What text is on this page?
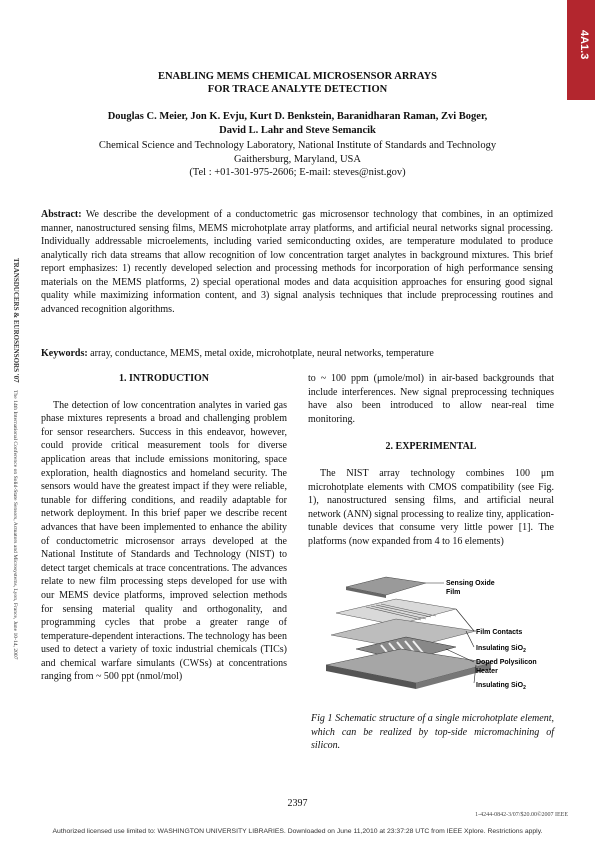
4A1.3
ENABLING MEMS CHEMICAL MICROSENSOR ARRAYS
FOR TRACE ANALYTE DETECTION
Douglas C. Meier, Jon K. Evju, Kurt D. Benkstein, Baranidharan Raman, Zvi Boger,
David L. Lahr and Steve Semancik
Chemical Science and Technology Laboratory, National Institute of Standards and Technology
Gaithersburg, Maryland, USA
(Tel : +01-301-975-2606; E-mail: steves@nist.gov)
Abstract: We describe the development of a conductometric gas microsensor technology that combines, in an optimized manner, nanostructured sensing films, MEMS microhotplate array platforms, and artificial neural networks signal processing. Individually addressable microelements, including varied semiconducting oxides, are temperature modulated to produce analytically rich data streams that allow recognition of low concentration target analytes in background mixtures. This brief report emphasizes: 1) recently developed selection and processing methods for incorporation of high performance sensing materials on the MEMS platforms, 2) special operational modes and data acquisition approaches for ensuring good signal quality while maximizing information content, and 3) signal analysis techniques that include preprocessing routines and advanced recognition algorithms.
Keywords: array, conductance, MEMS, metal oxide, microhotplate, neural networks, temperature
TRANSDUCERS & EUROSENSORS '07 The 14th International Conference on Solid-State Sensors, Actuators and Microsystems, Lyon, France, June 10-14, 2007
1. INTRODUCTION

The detection of low concentration analytes in varied gas phase mixtures represents a broad and challenging problem for sensor researchers. Success in this endeavor, however, could provide critical measurement tools for diverse application areas that include emissions monitoring, space exploration, health diagnostics and homeland security. The sensors would have the greatest impact if they were reliable, tunable for differing conditions, and readily adaptable for network deployment. In this brief paper we describe recent advances that have been implemented to enhance the ability of conductometric microsensor arrays developed at the National Institute of Standards and Technology (NIST) to detect target chemicals at trace concentrations. The advances relate to new film processing steps developed for use with our MEMS device platforms, improved selection methods for sensing material quality and orthogonality, and programming cycles that probe a greater range of temperature-dependent interactions. The technology has been used to detect a variety of toxic industrial chemicals (TICs) and chemical warfare simulants (CWSs) at concentrations ranging from ~ 500 ppt (nmol/mol)

to ~ 100 ppm (μmole/mol) in air-based backgrounds that include interferences. New signal preprocessing techniques have also been introduced to allow near-real time monitoring.

2. EXPERIMENTAL

The NIST array technology combines 100 μm microhotplate elements with CMOS compatibility (see Fig. 1), nanostructured sensing films, and artificial neural network (ANN) signal processing to realize tiny, application-tunable devices that consume very little power [1]. The platforms (now expanded from 4 to 16 elements)

Sensing Oxide
Film
Film Contacts
Insulating SiO$_2$
Doped Polysilicon
Heater
Insulating SiO$_2$
Fig 1 Schematic structure of a single microhotplate element, which can be realized by top-side micromachining of silicon.
2397
1-4244-0842-3/07/$20.00©2007 IEEE
Authorized licensed use limited to: WASHINGTON UNIVERSITY LIBRARIES. Downloaded on June 11,2010 at 23:37:28 UTC from IEEE Xplore. Restrictions apply.
